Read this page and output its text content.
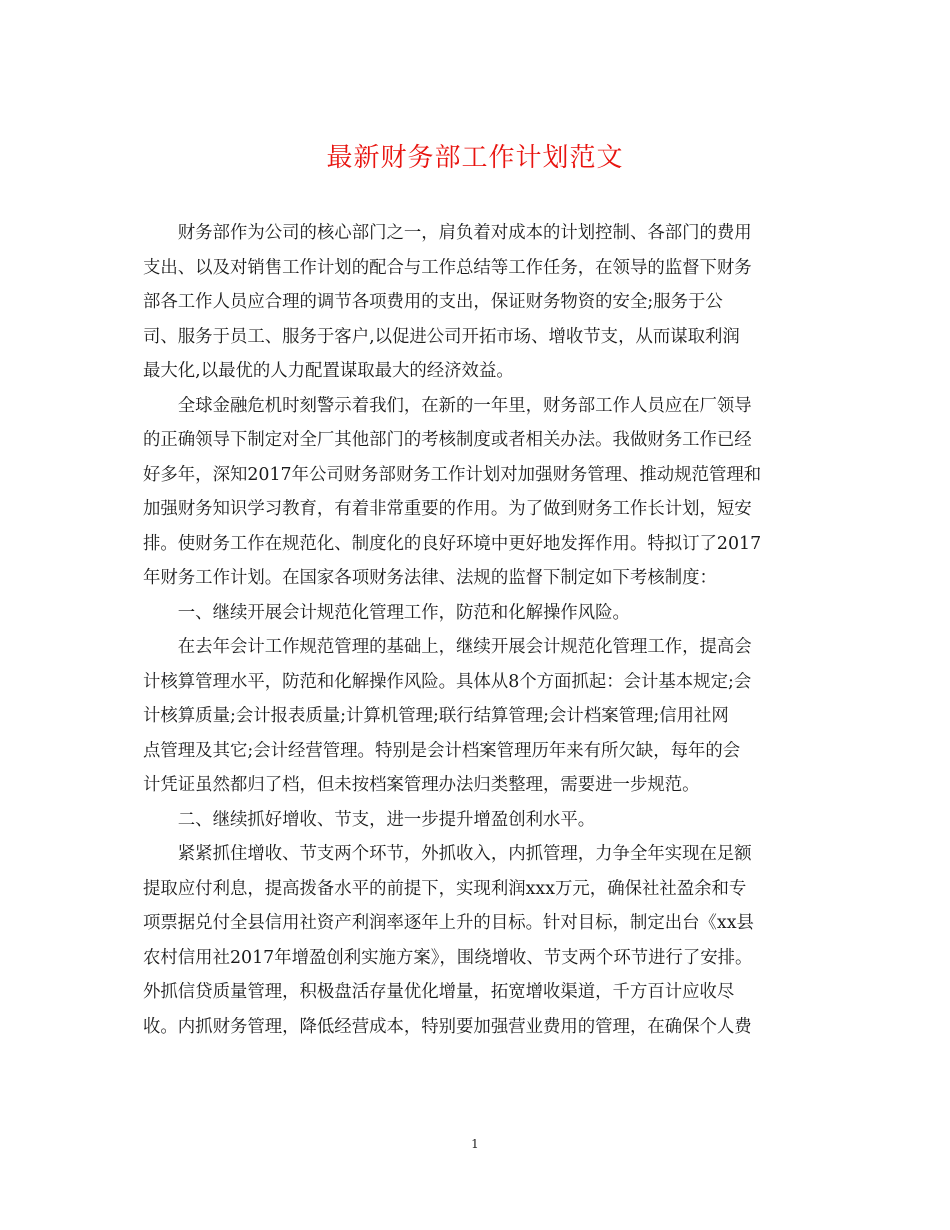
最新财务部工作计划范文
　　财务部作为公司的核心部门之一，肩负着对成本的计划控制、各部门的费用
支出、以及对销售工作计划的配合与工作总结等工作任务，在领导的监督下财务
部各工作人员应合理的调节各项费用的支出，保证财务物资的安全;服务于公
司、服务于员工、服务于客户,以促进公司开拓市场、增收节支，从而谋取利润
最大化,以最优的人力配置谋取最大的经济效益。
　　全球金融危机时刻警示着我们，在新的一年里，财务部工作人员应在厂领导
的正确领导下制定对全厂其他部门的考核制度或者相关办法。我做财务工作已经
好多年，深知2017年公司财务部财务工作计划对加强财务管理、推动规范管理和
加强财务知识学习教育，有着非常重要的作用。为了做到财务工作长计划，短安
排。使财务工作在规范化、制度化的良好环境中更好地发挥作用。特拟订了2017
年财务工作计划。在国家各项财务法律、法规的监督下制定如下考核制度：
　　一、继续开展会计规范化管理工作，防范和化解操作风险。
　　在去年会计工作规范管理的基础上，继续开展会计规范化管理工作，提高会
计核算管理水平，防范和化解操作风险。具体从8个方面抓起：会计基本规定;会
计核算质量;会计报表质量;计算机管理;联行结算管理;会计档案管理;信用社网
点管理及其它;会计经营管理。特别是会计档案管理历年来有所欠缺，每年的会
计凭证虽然都归了档，但未按档案管理办法归类整理，需要进一步规范。
　　二、继续抓好增收、节支，进一步提升增盈创利水平。
　　紧紧抓住增收、节支两个环节，外抓收入，内抓管理，力争全年实现在足额
提取应付利息，提高拨备水平的前提下，实现利润xxx万元，确保社社盈余和专
项票据兑付全县信用社资产利润率逐年上升的目标。针对目标，制定出台《xx县
农村信用社2017年增盈创利实施方案》，围绕增收、节支两个环节进行了安排。
外抓信贷质量管理，积极盘活存量优化增量，拓宽增收渠道，千方百计应收尽
收。内抓财务管理，降低经营成本，特别要加强营业费用的管理，在确保个人费
1
